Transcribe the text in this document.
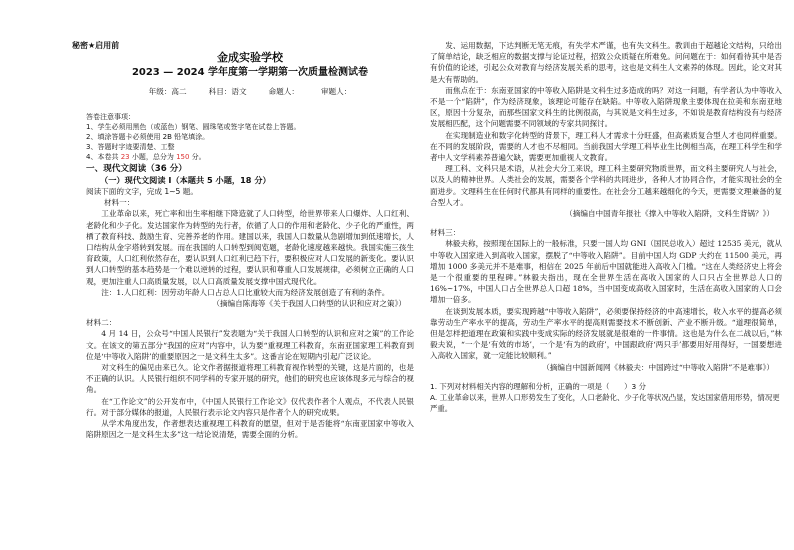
秘密★启用前
金成实验学校
2023 — 2024 学年度第一学期第一次质量检测试卷
年级：高二	科目：语文	命题人：	审题人：
答卷注意事项：
1、学生必须用黑色（或蓝色）钢笔、圆珠笔或签字笔在试卷上答题。
2、填涂答题卡必须使用 2B 铅笔填涂。
3、答题时字迹要清楚、工整
4、本卷共 23 小题，总分为 150 分。
一、现代文阅读（36 分）
（一）现代文阅读 I（本题共 5 小题，18 分）
阅读下面的文字，完成 1~5 题。
材料一：

工业革命以来，死亡率和出生率相继下降造就了人口转型，给世界带来人口爆炸、人口红利、老龄化和少子化。发达国家作为转型的先行者，依循了人口的作用和老龄化、少子化的严重性，两栖了教育科技、鼓励生育、完善养老的作用。建国以来，我国人口数量从急剧增加到低速增长，人口结构从金字塔转到发展。而在我国的人口转型到阅览题，老龄化速度越来越快。我国实施三孩生育政策，人口红利依然存在，要认识到人口红利已趋下行，要积极应对人口发展的新变化。要认识到人口转型的基本趋势是一个难以逆转的过程，要认识和尊重人口发展规律，必须树立正确的人口观，更加注重人口高质量发展，以人口高质量发展支撑中国式现代化。

注：1.人口红利：因劳动年龄人口占总人口比重较大而为经济发展创造了有利的条件。

（摘编自陈海等《关于我国人口转型的认识和应对之策》）
材料二：

4 月 14 日，公众号“中国人民银行”发表题为“关于我国人口转型的认识和应对之策”的工作论文。在该文的第五部分“我国的应对”内容中，认为要“重视理工科教育，东南亚国家理工科教育到位是‘中等收入陷阱’的重要原因之一是文科生太多”。这番言论在短期内引起广泛议论。

对文科生的偏见由来已久。论文作者据报道将理工科教育视作转型的关键，这是片面的，也是不正确的认识。人民银行组织不同学科的专家开展的研究，他们的研究也应该体现多元与综合的视角。

在“工作论文”的公开发布中，《中国人民银行工作论文》仅代表作者个人观点，不代表人民银行。对于部分媒体的报道，人民银行表示论文内容只是作者个人的研究成果。

从学术角度出发，作者想表达重视理工科教育的愿望，但对于是否能将“东南亚国家中等收入陷阱原因之一是文科生太多”这一结论说清楚，需要全面的分析。

发、运用数据，下达判断无笔无痕，有失学术严谨，也有失文科生。教训由于超越论文结构，只给出了简单结论，缺乏相应的数据支撑与论证过程，招致公众质疑在所难免。问问题在于：如何看待其中是否有价值的论述，引起公众对教育与经济发展关系的思考，这也是文科生人文素养的体现。因此，论文对其是大有帮助的。

而焦点在于：东南亚国家的中等收入陷阱是文科生过多造成的吗？对这一问题，有学者认为中等收入不是一个“陷阱”，作为经济现象，该理论可能存在缺陷。中等收入陷阱现象主要体现在拉美和东南亚地区，原因十分复杂，而那些国家文科生的比例很高，与其说是文科生过多，不如说是教育结构没有与经济发展相匹配，这个问题需要不同领域的专家共同探讨。

在实现制造业和数字化转型的背景下，理工科人才需求十分旺盛，但高素质复合型人才也同样重要。在不同的发展阶段，需要的人才也不尽相同。当前我国大学理工科毕业生比例相当高，在理工科学生和学者中人文学科素养普遍欠缺，需要更加重视人文教育。

理工科、文科只是术语，从社会大分工来说，理工科主要研究物质世界，而文科主要研究人与社会，以及人的精神世界。人类社会的发展，需要各个学科的共同进步，各种人才协同合作，才能实现社会的全面进步。文理科生在任何时代都具有同样的重要性。在社会分工越来越细化的今天，更需要文理兼备的复合型人才。

（摘编自中国青年报社《撑入中等收入陷阱，文科生背锅？》）
材料三：

林毅夫称，按照现在国际上的一般标准，只要一国人均 GNI（国民总收入）超过 12535 美元，就从中等收入国家进入到高收入国家，摆脱了“中等收入陷阱”。目前中国人均 GDP 大约在 11500 美元，再增加 1000 多美元并不是难事，相信在 2025 年前后中国就能进入高收入门槛。“这在人类经济史上将会是一个很重要的里程碑。”林毅夫指出，现在全世界生活在高收入国家的人口只占全世界总人口的 16%~17%，中国人口占全世界总人口超 18%，当中国变成高收入国家时，生活在高收入国家的人口会增加一倍多。

在谈到发展本质，要实现跨越“中等收入陷阱”，必须要保持经济的中高速增长，收入水平的提高必须靠劳动生产率水平的提高，劳动生产率水平的提高则需要技术不断创新、产业不断升级。“道理很简单，但是怎样把道理在政策和实践中变成实际的经济发展就是很难的一件事情。这也是为什么在二战以后，”林毅夫说，“一个是‘有效的市场’，一个是‘有为的政府’，中国跟政府‘两只手’都要用好用得好，一国要想进入高收入国家，就一定能比较顺利。”

（摘编自中国新闻网《林毅夫：中国跨过“中等收入陷阱”不是难事》）
1. 下列对材料相关内容的理解和分析，正确的一项是（　　）3 分
A. 工业革命以来，世界人口形势发生了变化，人口老龄化、少子化等状况凸显，发达国家借用形势，情况更严重。
